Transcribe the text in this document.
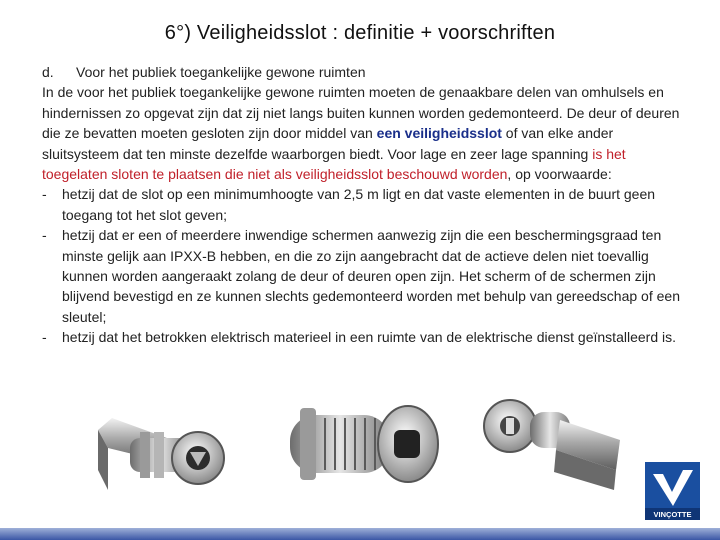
6°) Veiligheidsslot : definitie + voorschriften

d. Voor het publiek toegankelijke gewone ruimten

In de voor het publiek toegankelijke gewone ruimten moeten de genaakbare delen van omhulsels en hindernissen zo opgevat zijn dat zij niet langs buiten kunnen worden gedemonteerd. De deur of deuren die ze bevatten moeten gesloten zijn door middel van een veiligheidsslot of van elke ander sluitsysteem dat ten minste dezelfde waarborgen biedt. Voor lage en zeer lage spanning is het toegelaten sloten te plaatsen die niet als veiligheidsslot beschouwd worden, op voorwaarde:

-	hetzij dat de slot op een minimumhoogte van 2,5 m ligt en dat vaste elementen in de buurt geen toegang tot het slot geven;
-	hetzij dat er een of meerdere inwendige schermen aanwezig zijn die een beschermingsgraad ten minste gelijk aan IPXX-B hebben, en die zo zijn aangebracht dat de actieve delen niet toevallig kunnen worden aangeraakt zolang de deur of deuren open zijn. Het scherm of de schermen zijn blijvend bevestigd en ze kunnen slechts gedemonteerd worden met behulp van gereedschap of een sleutel;
-	hetzij dat het betrokken elektrisch materieel in een ruimte van de elektrische dienst geïnstalleerd is.
VINÇOTTE
